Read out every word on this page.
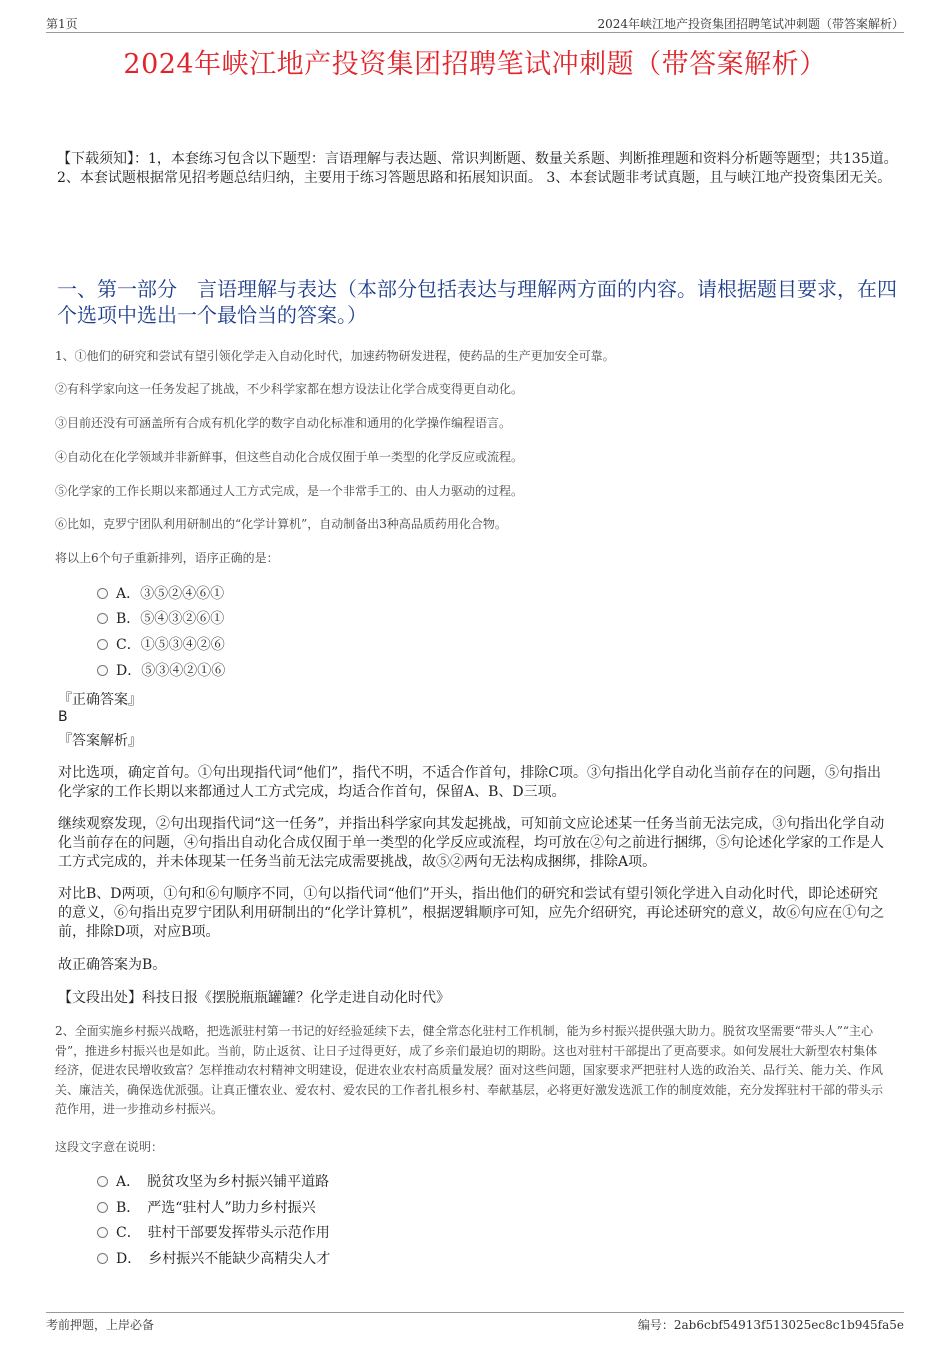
第1页	2024年峡江地产投资集团招聘笔试冲刺题（带答案解析）
2024年峡江地产投资集团招聘笔试冲刺题（带答案解析）
【下载须知】：1，本套练习包含以下题型：言语理解与表达题、常识判断题、数量关系题、判断推理题和资料分析题等题型；共135道。 2、本套试题根据常见招考题总结归纳，主要用于练习答题思路和拓展知识面。 3、本套试题非考试真题，且与峡江地产投资集团无关。
一、第一部分　言语理解与表达（本部分包括表达与理解两方面的内容。请根据题目要求，在四个选项中选出一个最恰当的答案。）
1、①他们的研究和尝试有望引领化学走入自动化时代，加速药物研发进程，使药品的生产更加安全可靠。
②有科学家向这一任务发起了挑战，不少科学家都在想方设法让化学合成变得更自动化。
③目前还没有可涵盖所有合成有机化学的数字自动化标准和通用的化学操作编程语言。
④自动化在化学领域并非新鲜事，但这些自动化合成仅囿于单一类型的化学反应或流程。
⑤化学家的工作长期以来都通过人工方式完成，是一个非常手工的、由人力驱动的过程。
⑥比如，克罗宁团队利用研制出的“化学计算机”，自动制备出3种高品质药用化合物。
将以上6个句子重新排列，语序正确的是：
A．③⑤②④⑥①
B．⑤④③②⑥①
C．①⑤③④②⑥
D．⑤③④②①⑥
『正确答案』
B
『答案解析』
对比选项，确定首句。①句出现指代词“他们”，指代不明，不适合作首句，排除C项。③句指出化学自动化当前存在的问题，⑤句指出化学家的工作长期以来都通过人工方式完成，均适合作首句，保留A、B、D三项。
继续观察发现，②句出现指代词“这一任务”，并指出科学家向其发起挑战，可知前文应论述某一任务当前无法完成，③句指出化学自动化当前存在的问题，④句指出自动化合成仅囿于单一类型的化学反应或流程，均可放在②句之前进行捆绑，⑤句论述化学家的工作是人工方式完成的，并未体现某一任务当前无法完成需要挑战，故⑤②两句无法构成捆绑，排除A项。
对比B、D两项，①句和⑥句顺序不同，①句以指代词“他们”开头，指出他们的研究和尝试有望引领化学进入自动化时代，即论述研究的意义，⑥句指出克罗宁团队利用研制出的“化学计算机”，根据逻辑顺序可知，应先介绍研究，再论述研究的意义，故⑥句应在①句之前，排除D项，对应B项。
故正确答案为B。
【文段出处】科技日报《摆脱瓶瓶罐罐？化学走进自动化时代》
2、全面实施乡村振兴战略，把选派驻村第一书记的好经验延续下去，健全常态化驻村工作机制，能为乡村振兴提供强大助力。脱贫攻坚需要“带头人”“主心骨”，推进乡村振兴也是如此。当前，防止返贫、让日子过得更好，成了乡亲们最迫切的期盼。这也对驻村干部提出了更高要求。如何发展壮大新型农村集体经济，促进农民增收致富？怎样推动农村精神文明建设，促进农业农村高质量发展？面对这些问题，国家要求严把驻村人选的政治关、品行关、能力关、作风关、廉洁关，确保选优派强。让真正懂农业、爱农村、爱农民的工作者扎根乡村、奉献基层，必将更好激发选派工作的制度效能，充分发挥驻村干部的带头示范作用，进一步推动乡村振兴。
这段文字意在说明：
A．　脱贫攻坚为乡村振兴铺平道路
B．　严选“驻村人”助力乡村振兴
C．　驻村干部要发挥带头示范作用
D．　乡村振兴不能缺少高精尖人才
考前押题，上岸必备	编号：2ab6cbf54913f513025ec8c1b945fa5e
